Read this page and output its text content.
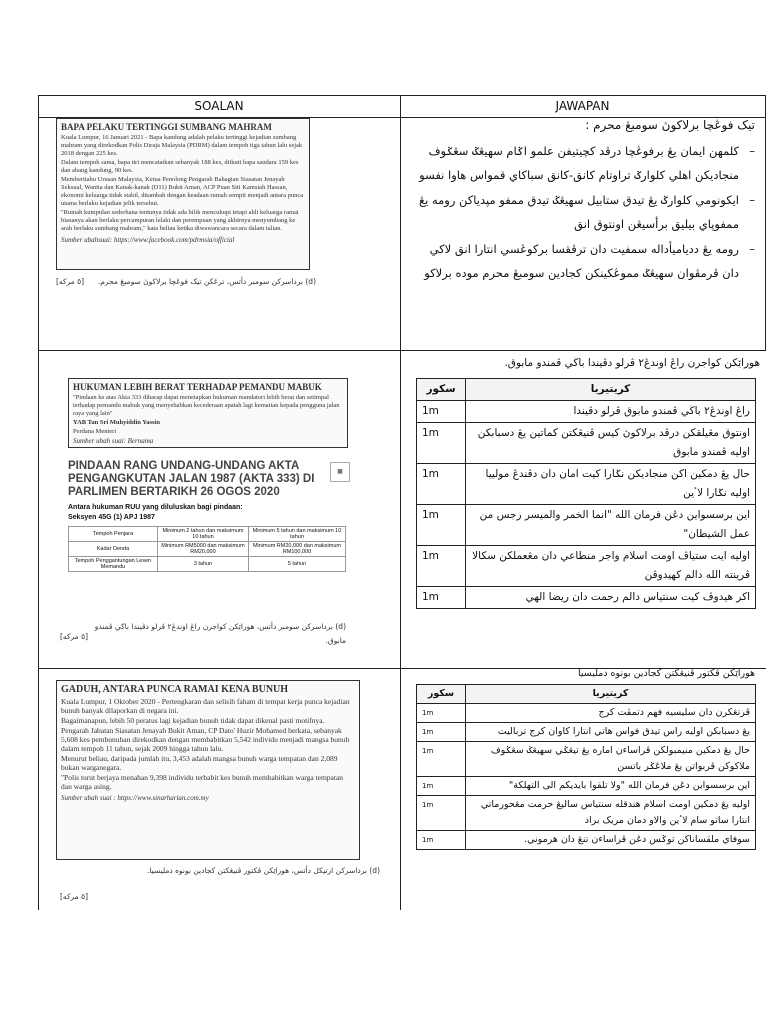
SOALAN	JAWAPAN
BAPA PELAKU TERTINGGI SUMBANG MAHRAM

Kuala Lumpur, 16 Januari 2021 - Bapa kandung adalah pelaku tertinggi kejadian sumbang mahram yang direkodkan Polis Diraja Malaysia (PDRM) dalam tempoh tiga tahun lalu sejak 2018 dengan 225 kes.

Dalam tempoh sama, bapa tiri mencatatkan sebanyak 188 kes, diikuti bapa saudara 159 kes dan abang kandung, 90 kes.

Memberitahu Urusan Malaysia, Ketua Penolong Pengarah Bahagian Siasatan Jenayah Seksual, Wanita dan Kanak-kanak (D11) Bukit Aman, ACP Puan Siti Kamsiah Hassan, ekonomi keluarga tidak stabil, ditambah dengan keadaan rumah sempit menjadi antara punca utama berlaku kejadian jelik tersebut.

"Rumah kumpulan sederhana tentunya tidak ada bilik mencukupi tetapi ahli keluarga ramai biasanya akan berlaku percampuran lelaki dan perempuan yang akhirnya menyumbang ke arah berlaku sumbang mahram," kata beliau ketika diwawancara secara dalam talian.

Sumber ubahsuai: https://www.facebook.com/pdrmsia/official
(d) برداسرکن سومبر دأتس، ترڠکن تيک فوڠچا برلاکوڽ سومبڠ محرم.
[٥ مرکه]
تيک فوڠچا برلاکوڽ سومبڠ محرم :
– کلمهن ايمان يڠ برفوڠچا درڤد کچيتيفن علمو اݢام سهيڠݢ سڠݢوف منجاديکن اهلي کلوارݢ تراوتام کانق-کانق سباکاي قمواس هاوا نفسو
– ايکونومي کلوارݢ يڠ تيدق ستابيل سهيڠݢ تيدق ممفو مڽدياکن رومه يڠ ممفوڽاي بيليق برأسيڠن اونتوق انق
– رومه يڠ ددياميأداله سمفيت دان ترڤقسا برکوڠسي انتارا انق لاکي دان ڤرمڤوان سهيڠݢ مموڠکينکن کجادين سومبڠ محرم موده برلاکو
HUKUMAN LEBIH BERAT TERHADAP PEMANDU MABUK

"Pindaan ke atas Akta 333 diharap dapat menetapkan hukuman mandatori lebih berat dan setimpal terhadap pemandu mabuk yang menyebabkan kecederaan apatah lagi kematian kepada pengguna jalan raya yang lain"

YAB Tan Sri Muhyiddin Yassin

Perdana Menteri

Sumber ubah suai: Bernama
PINDAAN RANG UNDANG-UNDANG AKTA PENGANGKUTAN JALAN 1987 (AKTA 333) DI PARLIMEN BERTARIKH 26 OGOS 2020
■
Antara hukuman RUU yang diluluskan bagi pindaan:
Seksyen 45G (1) APJ 1987
Tempoh Penjara	Minimum 2 tahun dan maksimum 10 tahun	Minimum 5 tahun dan maksimum 10 tahun
Kadar Denda	Minimum RM5000 dan maksimum RM20,000	Minimum RM20,000 dan maksimum RM100,000
Tempoh Penggantungan Lesen Memandu	3 tahun	5 tahun
(d) برداسرکن سومبر دأتس، هوراێکن کواجرن راڠ اوندڠ٢ ڤرلو دڤيندا باڬي ڤمندو مابوق.
[٥ مرکه]
هوراێکن کواجرن راڠ اوندڠ٢ ڤرلو دڤيندا باڬي ڤمندو مابوق.
کريتيريا	سکور
راڠ اوندڠ٢ باڬي ڤمندو مابوق ڤرلو دڤيندا	1m
اونتوق مڠيلقکن درڤد برلاکوڽ کيس ڤنيڠکتن کماتين يڠ دسبابکن اوليه ڤمندو مابوق	1m
حال يڠ دمکين اکن منجاديکن نݢارا کيت امان دان دڤندڠ مولييا اوليه نݢارا لاٴين	1m
اين برسسواين دڠن فرمان الله "انما الخمر والميسر رجس من عمل الشيطان"	1m
اوليه ايت ستياڤ اومت اسلام واجر منطاعي دان مڠعملکن سکالا ڤرينته الله دالم کهيدوڤن	1m
اکر هيدوڤ کيت سنتياس دالم رحمت دان ريضا الهي	1m
GADUH, ANTARA PUNCA RAMAI KENA BUNUH

Kuala Lumpur, 1 Oktober 2020 - Pertengkaran dan selisih faham di tempat kerja punca kejadian bunuh banyak dilaporkan di negara ini.

Bagaimanapun, lebih 50 peratus lagi kejadian bunuh tidak dapat dikenal pasti motifnya.

Pengarah Jabatan Siasatan Jenayah Bukit Aman, CP Dato' Huzir Mohamed berkata, sebanyak 5,608 kes pembunuhan direkodkan dengan membabitkan 5,542 individu menjadi mangsa bunuh dalam tempoh 11 tahun, sejak 2009 hingga tahun lalu.

Menurut beliau, daripada jumlah itu, 3,453 adalah mangsa bunuh warga tempatan dan 2,089 bukan warganegara.

"Polis turut berjaya menahan 9,398 individu terbabit kes bunuh membabitkan warga tempatan dan warga asing.

Sumber ubah suai : https://www.sinarharian.com.my
(d) برداسرکن ارتيکل دأتس، هوراێکن ڤکتور ڤنيڠکتن کجادين بونوه دمليسيا.
[٥ مرکه]
هوراێکن ڤکتور ڤنيڠکتن کجادين بونوه دمليسيا
کريتيريا	سکور
ڤرتڠکرن دان سليسيه فهم دتمڤت کرج	1m
يڠ دسبابکن اوليه راس تيدق فواس هاتي انتارا کاوان کرج ترباليت	1m
حال يڠ دمکين منيمبولکن ڤراساءن امارە يڠ تيڠݢي سهيڠݢ سڠݢوف ملاکوکن ڤربواتن يڠ ملاڠݢر باتسن	1m
اين برسسواين دڠن فرمان الله "ولا تلقوا بايديکم الى التهلکة"	1m
اوليه يڠ دمکين اومت اسلام هندقله سنتياس ساليڠ حرمت مڠحورماتي انتارا ساتو سام لاٴين والاو دمان مريک براد	1m
سوفاي ملقساناکن توݢس دڠن ڤراساءن تنڠ دان هرموني.	1m
